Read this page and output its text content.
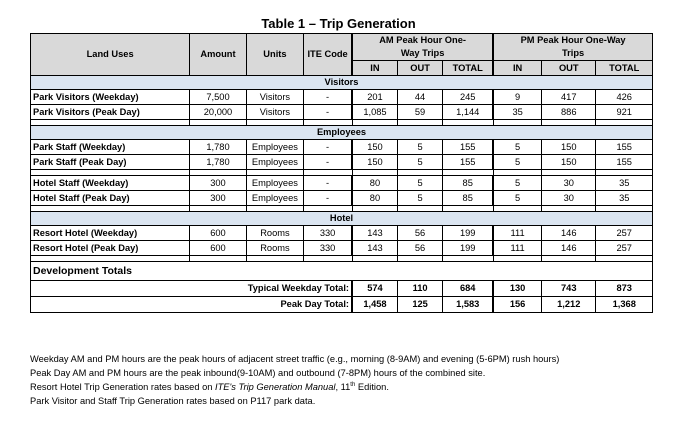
Table 1 – Trip Generation
Land Uses	Amount	Units	ITE Code	AM Peak Hour One-Way Trips			PM Peak Hour One-Way Trips		
				IN	OUT	TOTAL	IN	OUT	TOTAL
Visitors									
Park Visitors (Weekday)	7,500	Visitors	-	201	44	245	9	417	426
Park Visitors (Peak Day)	20,000	Visitors	-	1,085	59	1,144	35	886	921

Employees									
Park Staff (Weekday)	1,780	Employees	-	150	5	155	5	150	155
Park Staff (Peak Day)	1,780	Employees	-	150	5	155	5	150	155

Hotel Staff (Weekday)	300	Employees	-	80	5	85	5	30	35
Hotel Staff (Peak Day)	300	Employees	-	80	5	85	5	30	35

Hotel									
Resort Hotel (Weekday)	600	Rooms	330	143	56	199	111	146	257
Resort Hotel (Peak Day)	600	Rooms	330	143	56	199	111	146	257

Development Totals									
Typical Weekday Total:				574	110	684	130	743	873
Peak Day Total:				1,458	125	1,583	156	1,212	1,368
Weekday AM and PM hours are the peak hours of adjacent street traffic (e.g., morning (8-9AM) and evening (5-6PM) rush hours)
Peak Day AM and PM hours are the peak inbound(9-10AM) and outbound (7-8PM) hours of the combined site.
Resort Hotel Trip Generation rates based on ITE's Trip Generation Manual, 11th Edition.
Park Visitor and Staff Trip Generation rates based on P117 park data.
